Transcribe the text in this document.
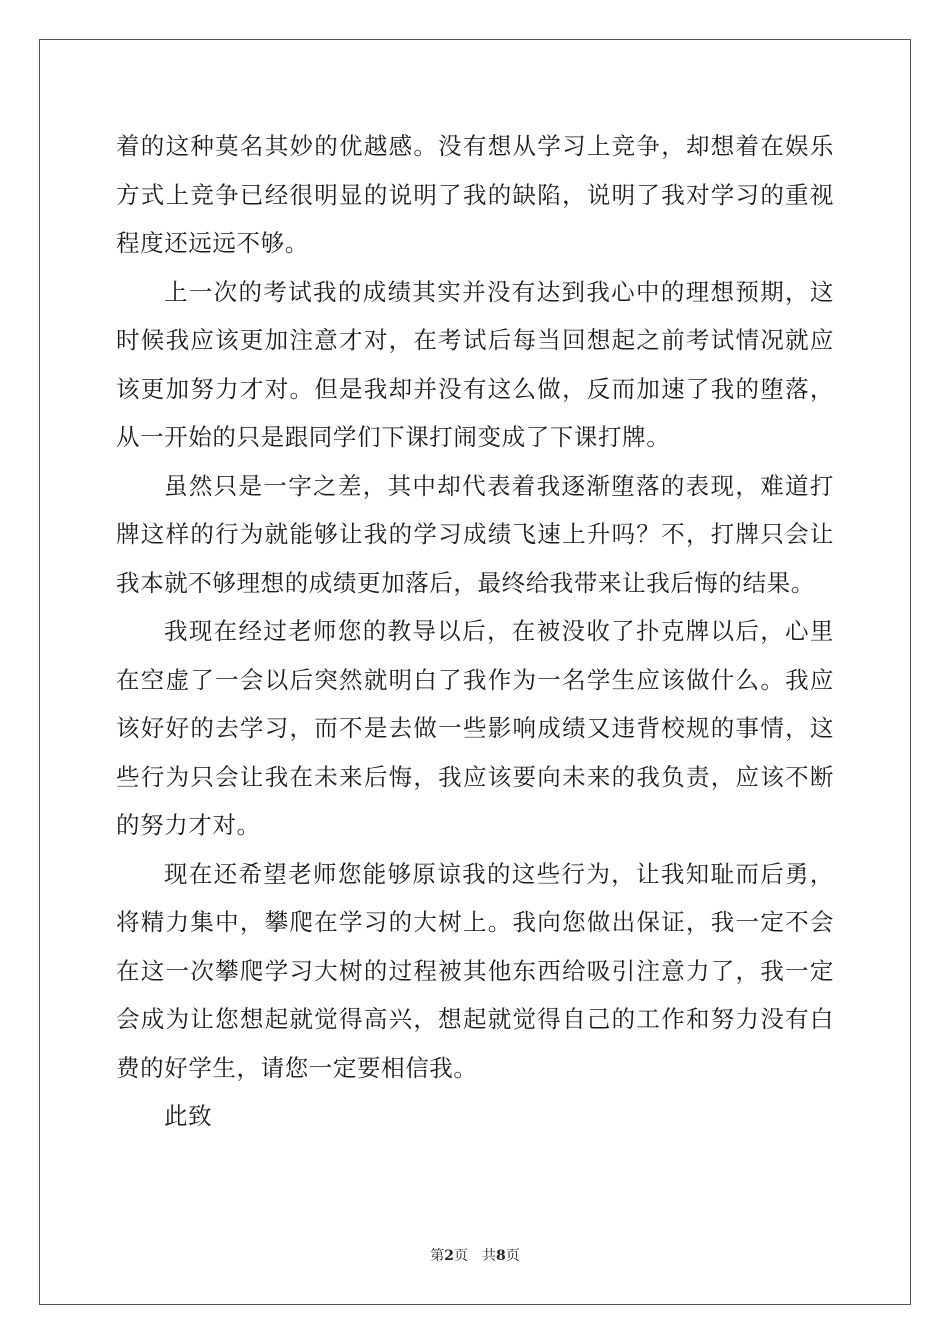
着的这种莫名其妙的优越感。没有想从学习上竞争，却想着在娱乐方式上竞争已经很明显的说明了我的缺陷，说明了我对学习的重视程度还远远不够。

上一次的考试我的成绩其实并没有达到我心中的理想预期，这时候我应该更加注意才对，在考试后每当回想起之前考试情况就应该更加努力才对。但是我却并没有这么做，反而加速了我的堕落，从一开始的只是跟同学们下课打闹变成了下课打牌。

虽然只是一字之差，其中却代表着我逐渐堕落的表现，难道打牌这样的行为就能够让我的学习成绩飞速上升吗？不，打牌只会让我本就不够理想的成绩更加落后，最终给我带来让我后悔的结果。

我现在经过老师您的教导以后，在被没收了扑克牌以后，心里在空虚了一会以后突然就明白了我作为一名学生应该做什么。我应该好好的去学习，而不是去做一些影响成绩又违背校规的事情，这些行为只会让我在未来后悔，我应该要向未来的我负责，应该不断的努力才对。

现在还希望老师您能够原谅我的这些行为，让我知耻而后勇，将精力集中，攀爬在学习的大树上。我向您做出保证，我一定不会在这一次攀爬学习大树的过程被其他东西给吸引注意力了，我一定会成为让您想起就觉得高兴，想起就觉得自己的工作和努力没有白费的好学生，请您一定要相信我。

此致

第2页 共8页
